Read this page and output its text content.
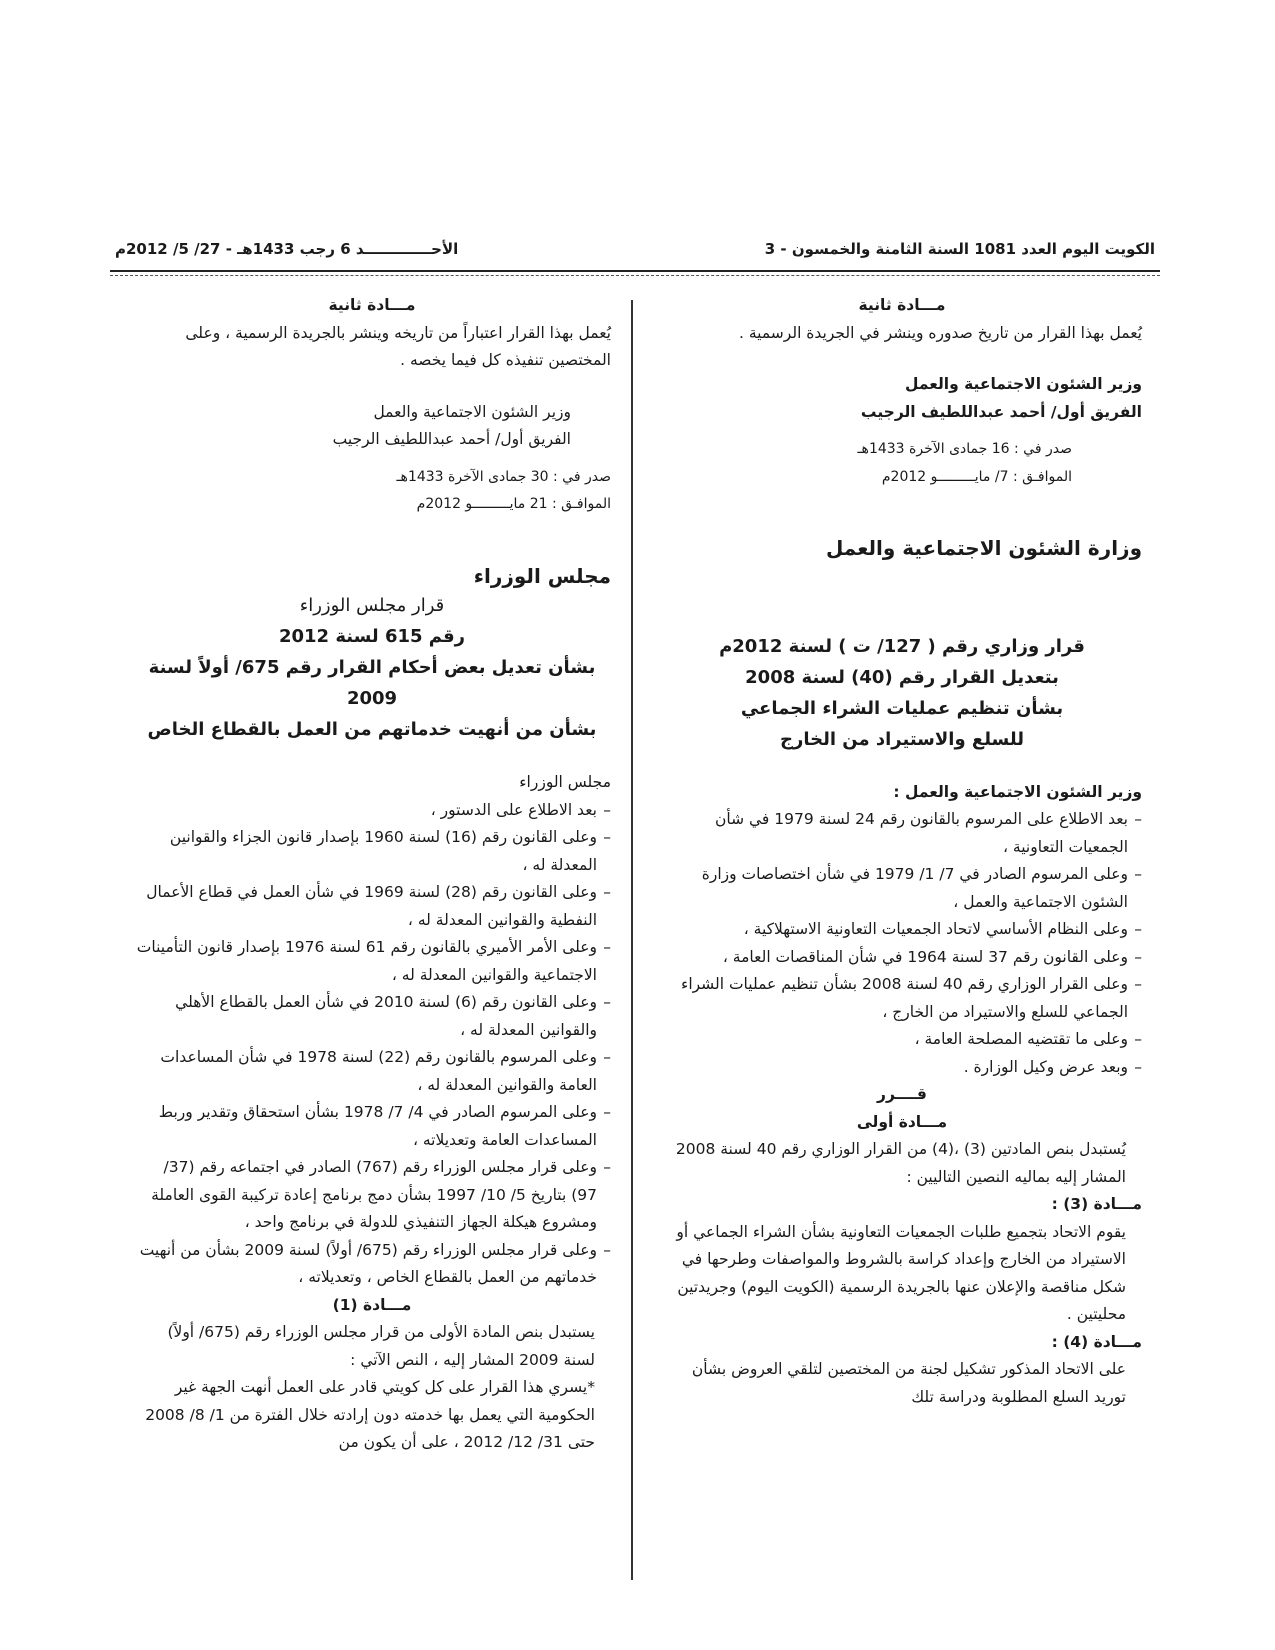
الكويت اليوم العدد 1081 السنة الثامنة والخمسون - 3
الأحـــــــــــــد 6 رجب 1433هـ - 27/ 5/ 2012م

مـــادة ثانية

يُعمل بهذا القرار من تاريخ صدوره وينشر في الجريدة الرسمية .

وزير الشئون الاجتماعية والعمل

الفريق أول/ أحمد عبداللطيف الرجيب

صدر في : 16 جمادى الآخرة 1433هـ

الموافـق : 7/ مايـــــــــو 2012م

وزارة الشئون الاجتماعية والعمل

قرار وزاري رقم ( 127/ ت ) لسنة 2012م

بتعديل القرار رقم (40) لسنة 2008

بشأن تنظيم عمليات الشراء الجماعي

للسلع والاستيراد من الخارج

وزير الشئون الاجتماعية والعمل :

–
بعد الاطلاع على المرسوم بالقانون رقم 24 لسنة 1979 في شأن الجمعيات التعاونية ،

–
وعلى المرسوم الصادر في 7/ 1/ 1979 في شأن اختصاصات وزارة الشئون الاجتماعية والعمل ،

–
وعلى النظام الأساسي لاتحاد الجمعيات التعاونية الاستهلاكية ،

–
وعلى القانون رقم 37 لسنة 1964 في شأن المناقصات العامة ،

–
وعلى القرار الوزاري رقم 40 لسنة 2008 بشأن تنظيم عمليات الشراء الجماعي للسلع والاستيراد من الخارج ،

–
وعلى ما تقتضيه المصلحة العامة ،

–
وبعد عرض وكيل الوزارة .

قــــرر

مـــادة أولى

يُستبدل بنص المادتين (3) ،(4) من القرار الوزاري رقم 40 لسنة 2008 المشار إليه بماليه النصين التاليين :

مـــادة (3) :

يقوم الاتحاد بتجميع طلبات الجمعيات التعاونية بشأن الشراء الجماعي أو الاستيراد من الخارج وإعداد كراسة بالشروط والمواصفات وطرحها في شكل مناقصة والإعلان عنها بالجريدة الرسمية (الكويت اليوم) وجريدتين محليتين .

مـــادة (4) :

على الاتحاد المذكور تشكيل لجنة من المختصين لتلقي العروض بشأن توريد السلع المطلوبة ودراسة تلك

مـــادة ثانية

يُعمل بهذا القرار اعتباراً من تاريخه وينشر بالجريدة الرسمية ، وعلى المختصين تنفيذه كل فيما يخصه .

وزير الشئون الاجتماعية والعمل

الفريق أول/ أحمد عبداللطيف الرجيب

صدر في : 30 جمادى الآخرة 1433هـ

الموافـق : 21 مايـــــــــو 2012م

مجلس الوزراء

قرار مجلس الوزراء

رقم 615 لسنة 2012

بشأن تعديل بعض أحكام القرار رقم 675/ أولاً لسنة 2009

بشأن من أنهيت خدماتهم من العمل بالقطاع الخاص

مجلس الوزراء

–
بعد الاطلاع على الدستور ،

–
وعلى القانون رقم (16) لسنة 1960 بإصدار قانون الجزاء والقوانين المعدلة له ،

–
وعلى القانون رقم (28) لسنة 1969 في شأن العمل في قطاع الأعمال النفطية والقوانين المعدلة له ،

–
وعلى الأمر الأميري بالقانون رقم 61 لسنة 1976 بإصدار قانون التأمينات الاجتماعية والقوانين المعدلة له ،

–
وعلى القانون رقم (6) لسنة 2010 في شأن العمل بالقطاع الأهلي والقوانين المعدلة له ،

–
وعلى المرسوم بالقانون رقم (22) لسنة 1978 في شأن المساعدات العامة والقوانين المعدلة له ،

–
وعلى المرسوم الصادر في 4/ 7/ 1978 بشأن استحقاق وتقدير وربط المساعدات العامة وتعديلاته ،

–
وعلى قرار مجلس الوزراء رقم (767) الصادر في اجتماعه رقم (37/ 97) بتاريخ 5/ 10/ 1997 بشأن دمج برنامج إعادة تركيبة القوى العاملة ومشروع هيكلة الجهاز التنفيذي للدولة في برنامج واحد ،

–
وعلى قرار مجلس الوزراء رقم (675/ أولاً) لسنة 2009 بشأن من أنهيت خدماتهم من العمل بالقطاع الخاص ، وتعديلاته ،

مـــادة (1)

يستبدل بنص المادة الأولى من قرار مجلس الوزراء رقم (675/ أولاً) لسنة 2009 المشار إليه ، النص الآتي :

*يسري هذا القرار على كل كويتي قادر على العمل أنهت الجهة غير الحكومية التي يعمل بها خدمته دون إرادته خلال الفترة من 1/ 8/ 2008 حتى 31/ 12/ 2012 ، على أن يكون من
